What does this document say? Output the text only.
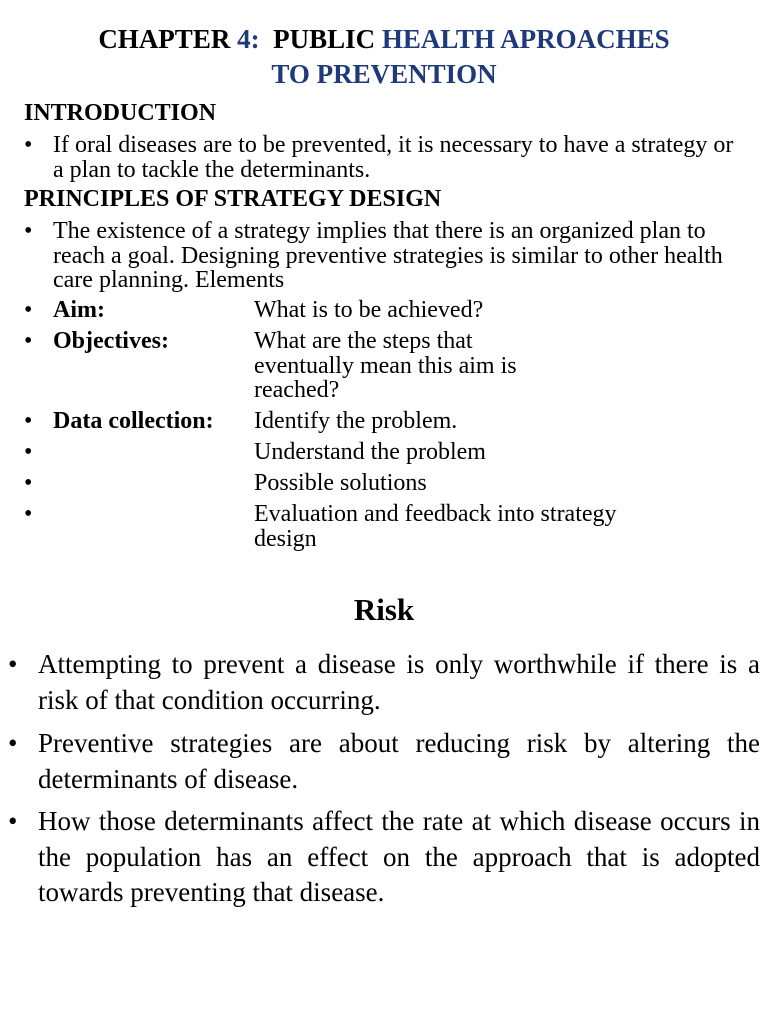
CHAPTER 4:  PUBLIC HEALTH APROACHES
TO PREVENTION
INTRODUCTION
• If oral diseases are to be prevented, it is necessary to have a strategy or a plan to tackle the determinants.
PRINCIPLES OF STRATEGY DESIGN
• The existence of a strategy implies that there is an organized plan to reach a goal. Designing preventive strategies is similar to other health care planning. Elements
• Aim:	What is to be achieved?
• Objectives:	What are the steps that eventually mean this aim is reached?
• Data collection: Identify the problem.
•	Understand the problem
•	Possible solutions
•	Evaluation and feedback into strategy design
Risk
• Attempting to prevent a disease is only worthwhile if there is a risk of that condition occurring.
• Preventive strategies are about reducing risk by altering the determinants of disease.
• How those determinants affect the rate at which disease occurs in the population has an effect on the approach that is adopted towards preventing that disease.
